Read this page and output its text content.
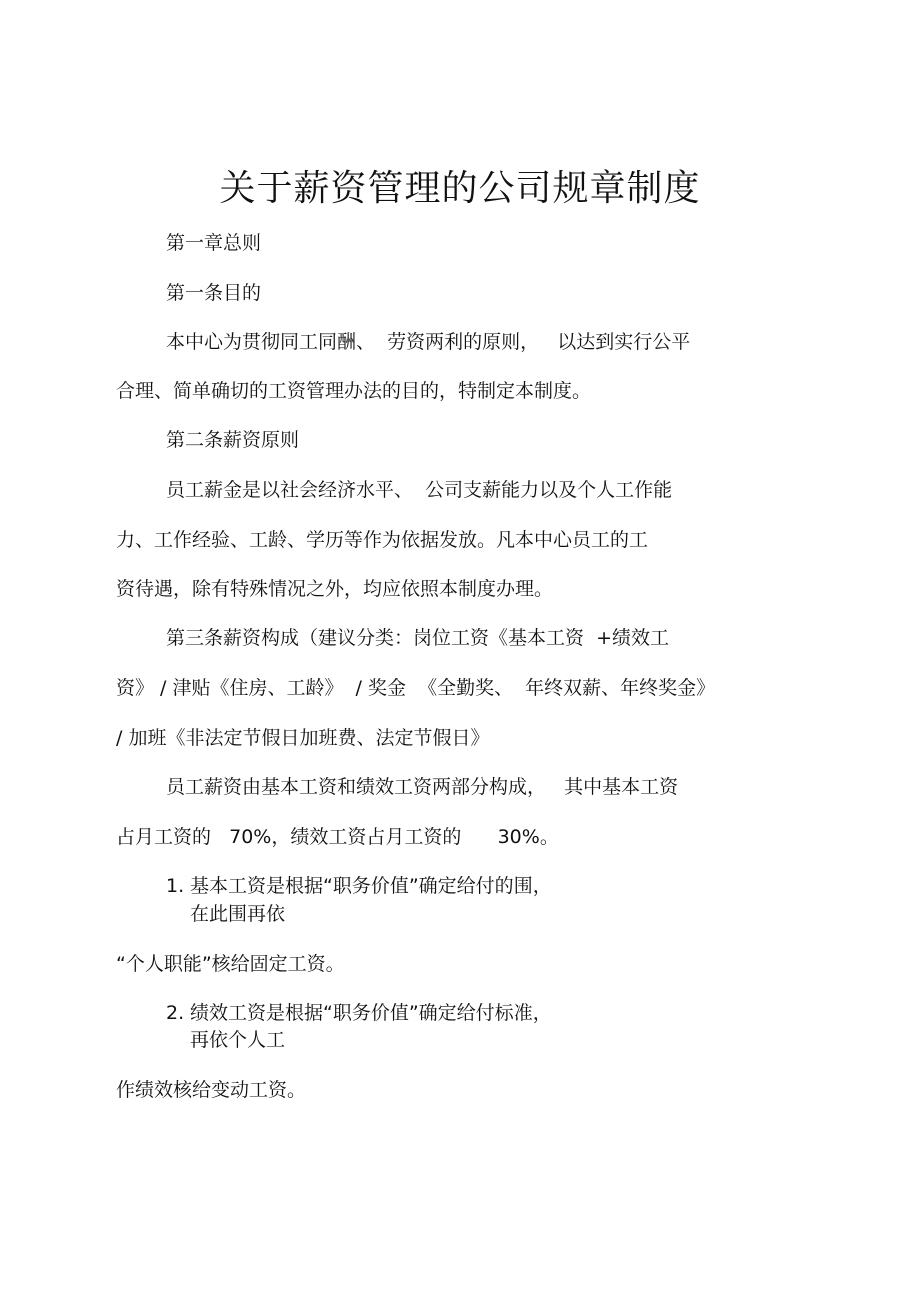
关于薪资管理的公司规章制度
第一章总则
第一条目的
本中心为贯彻同工同酬、  劳资两利的原则，   以达到实行公平
合理、简单确切的工资管理办法的目的，特制定本制度。
第二条薪资原则
员工薪金是以社会经济水平、  公司支薪能力以及个人工作能
力、工作经验、工龄、学历等作为依据发放。凡本中心员工的工
资待遇，除有特殊情况之外，均应依照本制度办理。
第三条薪资构成（建议分类：岗位工资《基本工资  +绩效工
资》 / 津贴《住房、工龄》  / 奖金  《全勤奖、  年终双薪、年终奖金》
/ 加班《非法定节假日加班费、法定节假日》
员工薪资由基本工资和绩效工资两部分构成，   其中基本工资
占月工资的   70%，绩效工资占月工资的      30%。
1. 基本工资是根据“职务价值”确定给付的围，
在此围再依
“个人职能”核给固定工资。
2. 绩效工资是根据“职务价值”确定给付标准，
再依个人工
作绩效核给变动工资。
